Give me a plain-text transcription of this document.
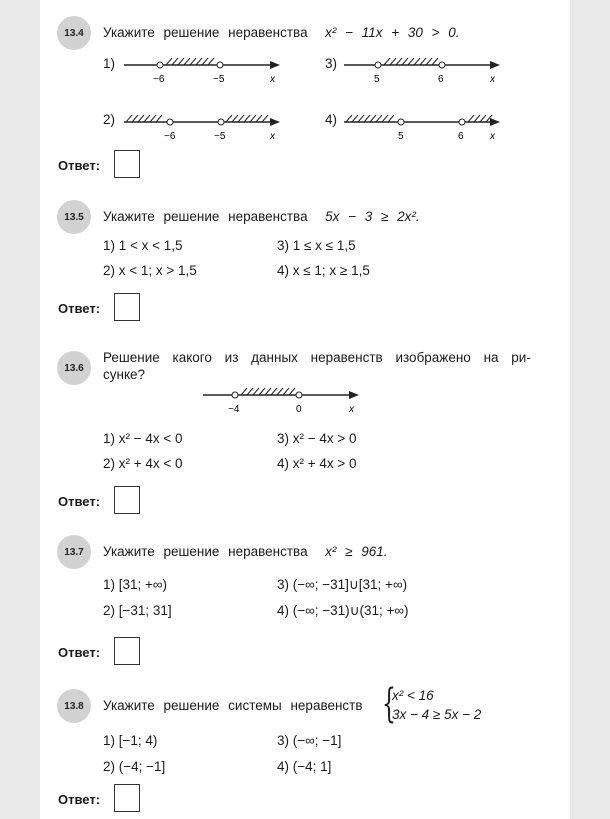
13.4	Укажите решение неравенства x² − 11x + 30 > 0.
1)
−6	−5	x
3)
5	6	x
2)
−6	−5	x
4)
5	6	x
Ответ:
13.5	Укажите решение неравенства 5x − 3 ≥ 2x².
1) 1 < x < 1,5	3) 1 ≤ x ≤ 1,5
2) x < 1; x > 1,5	4) x ≤ 1; x ≥ 1,5
Ответ:
13.6
Решение какого из данных неравенств изображено на ри-
сунке?
−4	0	x
1) x² − 4x < 0	3) x² − 4x > 0
2) x² + 4x < 0	4) x² + 4x > 0
Ответ:
13.7	Укажите решение неравенства x² ≥ 961.
1) [31; +∞)	3) (−∞; −31]∪[31; +∞)
2) [−31; 31]	4) (−∞; −31)∪(31; +∞)
Ответ:
13.8	Укажите решение системы неравенств {
x² < 16
3x − 4 ≥ 5x − 2
1) [−1; 4)	3) (−∞; −1]
2) (−4; −1]	4) (−4; 1]
Ответ:
